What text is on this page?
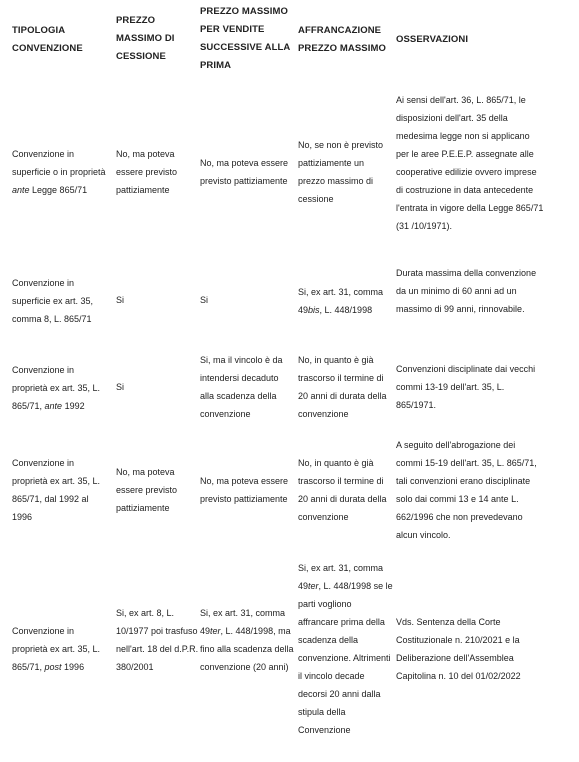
TIPOLOGIA CONVENZIONE
PREZZO MASSIMO DI CESSIONE
PREZZO MASSIMO PER VENDITE SUCCESSIVE ALLA PRIMA
AFFRANCAZIONE PREZZO MASSIMO
OSSERVAZIONI
Convenzione in superficie o in proprietà ante Legge 865/71
No, ma poteva essere previsto pattiziamente
No, ma poteva essere previsto pattiziamente
No, se non è previsto pattiziamente un prezzo massimo di cessione
Ai sensi dell'art. 36, L. 865/71, le disposizioni dell'art. 35 della medesima legge non si applicano per le aree P.E.E.P. assegnate alle cooperative edilizie ovvero imprese di costruzione in data antecedente l'entrata in vigore della Legge 865/71 (31 /10/1971).
Convenzione in superficie ex art. 35, comma 8, L. 865/71
Si	Si
Si, ex art. 31, comma 49bis, L. 448/1998
Durata massima della convenzione da un minimo di 60 anni ad un massimo di 99 anni, rinnovabile.
Convenzione in proprietà ex art. 35, L. 865/71, ante 1992
Si
Si, ma il vincolo è da intendersi decaduto alla scadenza della convenzione
No, in quanto è già trascorso il termine di 20 anni di durata della convenzione
Convenzioni disciplinate dai vecchi commi 13-19 dell'art. 35, L. 865/1971.
Convenzione in proprietà ex art. 35, L. 865/71, dal 1992 al 1996
No, ma poteva essere previsto pattiziamente
No, ma poteva essere previsto pattiziamente
No, in quanto è già trascorso il termine di 20 anni di durata della convenzione
A seguito dell'abrogazione dei commi 15-19 dell'art. 35, L. 865/71, tali convenzioni erano disciplinate solo dai commi 13 e 14 ante L. 662/1996 che non prevedevano alcun vincolo.
Convenzione in proprietà ex art. 35, L. 865/71, post 1996
Si, ex art. 8, L. 10/1977 poi trasfuso nell'art. 18 del d.P.R. 380/2001
Si, ex art. 31, comma 49ter, L. 448/1998, ma fino alla scadenza della convenzione (20 anni)
Si, ex art. 31, comma 49ter, L. 448/1998 se le parti vogliono affrancare prima della scadenza della convenzione. Altrimenti il vincolo decade decorsi 20 anni dalla stipula della Convenzione
Vds. Sentenza della Corte Costituzionale n. 210/2021 e la Deliberazione dell'Assemblea Capitolina n. 10 del 01/02/2022
